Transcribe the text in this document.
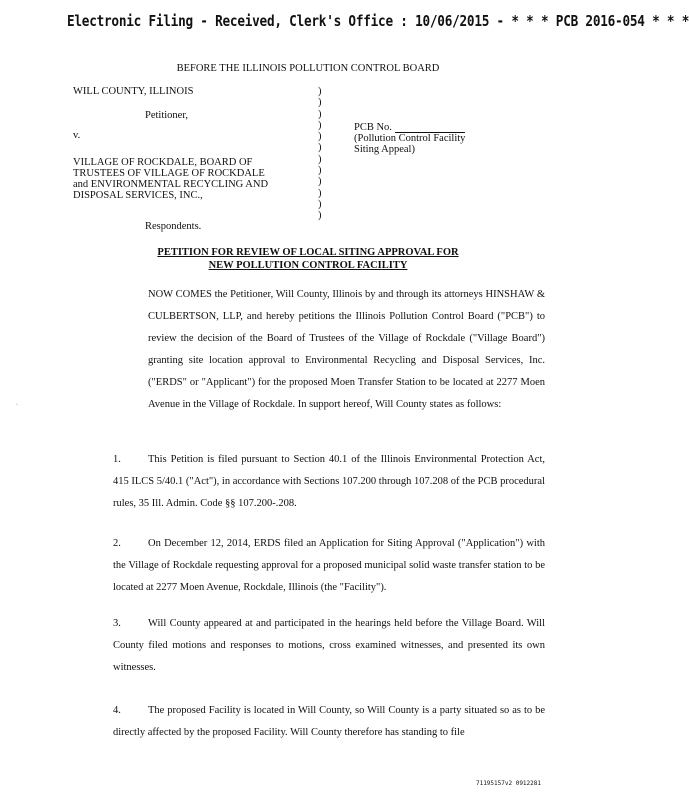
Electronic Filing - Received, Clerk's Office : 10/06/2015 - * * * PCB 2016-054 * * *
BEFORE THE ILLINOIS POLLUTION CONTROL BOARD
WILL COUNTY, ILLINOIS
Petitioner,
v.
VILLAGE OF ROCKDALE, BOARD OF
TRUSTEES OF VILLAGE OF ROCKDALE
and ENVIRONMENTAL RECYCLING AND
DISPOSAL SERVICES, INC.,
Respondents.
)
)
)
)
)
)
)
)
)
)
)
)
PCB No.
(Pollution Control Facility
Siting Appeal)
PETITION FOR REVIEW OF LOCAL SITING APPROVAL FOR
NEW POLLUTION CONTROL FACILITY
NOW COMES the Petitioner, Will County, Illinois by and through its attorneys HINSHAW & CULBERTSON, LLP, and hereby petitions the Illinois Pollution Control Board ("PCB") to review the decision of the Board of Trustees of the Village of Rockdale ("Village Board") granting site location approval to Environmental Recycling and Disposal Services, Inc. ("ERDS" or "Applicant") for the proposed Moen Transfer Station to be located at 2277 Moen Avenue in the Village of Rockdale. In support hereof, Will County states as follows:
1.	This Petition is filed pursuant to Section 40.1 of the Illinois Environmental Protection Act, 415 ILCS 5/40.1 ("Act"), in accordance with Sections 107.200 through 107.208 of the PCB procedural rules, 35 Ill. Admin. Code §§ 107.200-.208.
2.	On December 12, 2014, ERDS filed an Application for Siting Approval ("Application") with the Village of Rockdale requesting approval for a proposed municipal solid waste transfer station to be located at 2277 Moen Avenue, Rockdale, Illinois (the "Facility").
3.	Will County appeared at and participated in the hearings held before the Village Board. Will County filed motions and responses to motions, cross examined witnesses, and presented its own witnesses.
4.	The proposed Facility is located in Will County, so Will County is a party situated so as to be directly affected by the proposed Facility. Will County therefore has standing to file
·
71195157v2 0912281
